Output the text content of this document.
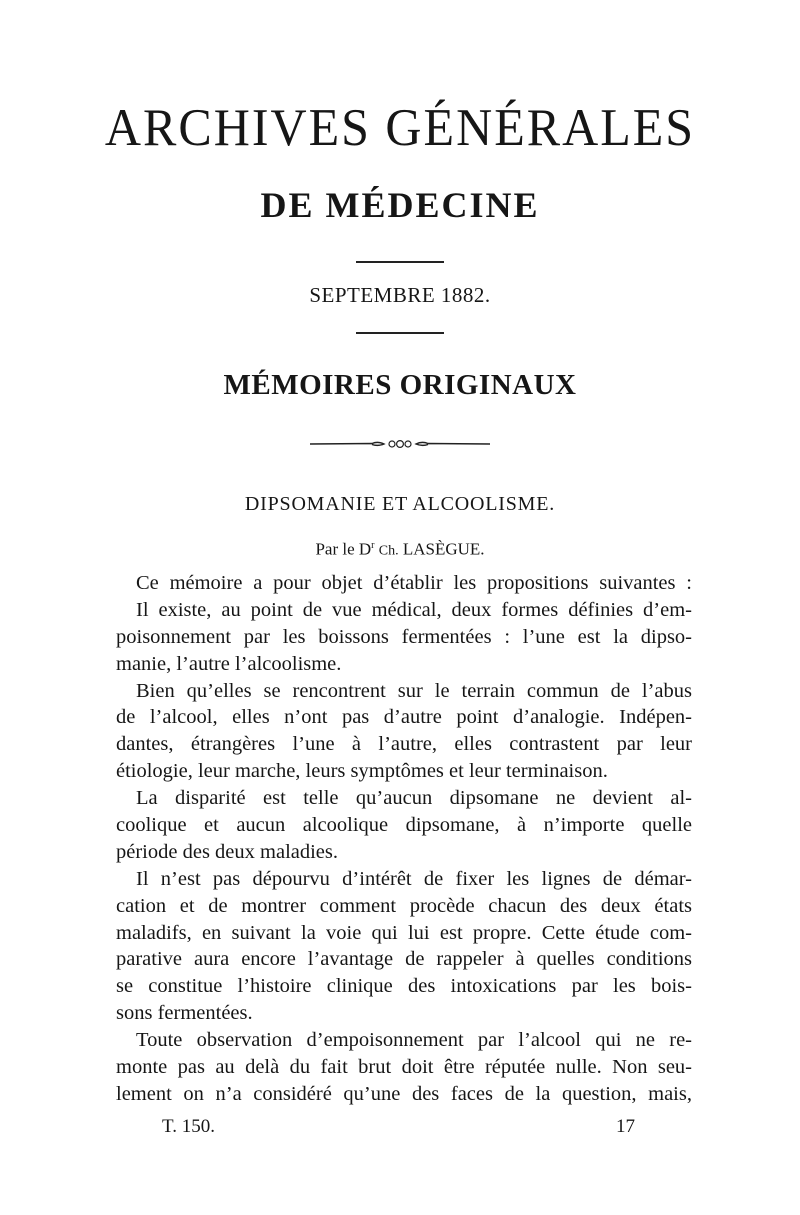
ARCHIVES GÉNÉRALES
DE MÉDECINE
SEPTEMBRE 1882.
MÉMOIRES ORIGINAUX
DIPSOMANIE ET ALCOOLISME.
Par le $D^r$ Ch. LASÈGUE.
Ce mémoire a pour objet d’établir les propositions suivantes :
Il existe, au point de vue médical, deux formes définies d’em-
poisonnement par les boissons fermentées : l’une est la dipso-
manie, l’autre l’alcoolisme.
Bien qu’elles se rencontrent sur le terrain commun de l’abus
de l’alcool, elles n’ont pas d’autre point d’analogie. Indépen-
dantes, étrangères l’une à l’autre, elles contrastent par leur
étiologie, leur marche, leurs symptômes et leur terminaison.
La disparité est telle qu’aucun dipsomane ne devient al-
coolique et aucun alcoolique dipsomane, à n’importe quelle
période des deux maladies.
Il n’est pas dépourvu d’intérêt de fixer les lignes de démar-
cation et de montrer comment procède chacun des deux états
maladifs, en suivant la voie qui lui est propre. Cette étude com-
parative aura encore l’avantage de rappeler à quelles conditions
se constitue l’histoire clinique des intoxications par les bois-
sons fermentées.
Toute observation d’empoisonnement par l’alcool qui ne re-
monte pas au delà du fait brut doit être réputée nulle. Non seu-
lement on n’a considéré qu’une des faces de la question, mais,
T. 150.	17
